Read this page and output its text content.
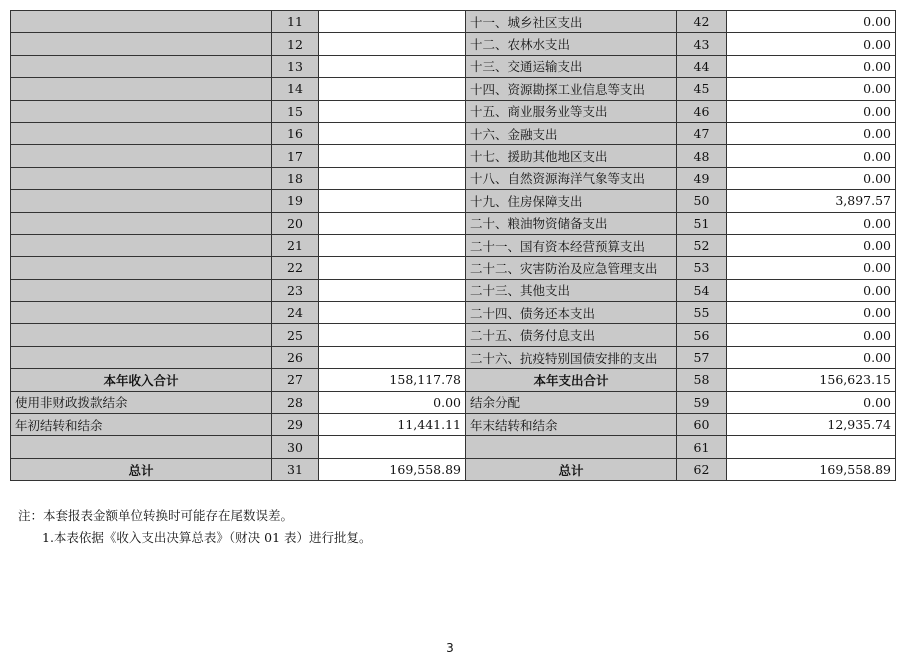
	11		十一、城乡社区支出	42	0.00
	12		十二、农林水支出	43	0.00
	13		十三、交通运输支出	44	0.00
	14		十四、资源勘探工业信息等支出	45	0.00
	15		十五、商业服务业等支出	46	0.00
	16		十六、金融支出	47	0.00
	17		十七、援助其他地区支出	48	0.00
	18		十八、自然资源海洋气象等支出	49	0.00
	19		十九、住房保障支出	50	3,897.57
	20		二十、粮油物资储备支出	51	0.00
	21		二十一、国有资本经营预算支出	52	0.00
	22		二十二、灾害防治及应急管理支出	53	0.00
	23		二十三、其他支出	54	0.00
	24		二十四、债务还本支出	55	0.00
	25		二十五、债务付息支出	56	0.00
	26		二十六、抗疫特别国债安排的支出	57	0.00
本年收入合计	27	158,117.78	本年支出合计	58	156,623.15
使用非财政拨款结余	28	0.00	结余分配	59	0.00
年初结转和结余	29	11,441.11	年末结转和结余	60	12,935.74
	30			61	
总计	31	169,558.89	总计	62	169,558.89
注：本套报表金额单位转换时可能存在尾数误差。
1.本表依据《收入支出决算总表》（财决 01 表）进行批复。
3
